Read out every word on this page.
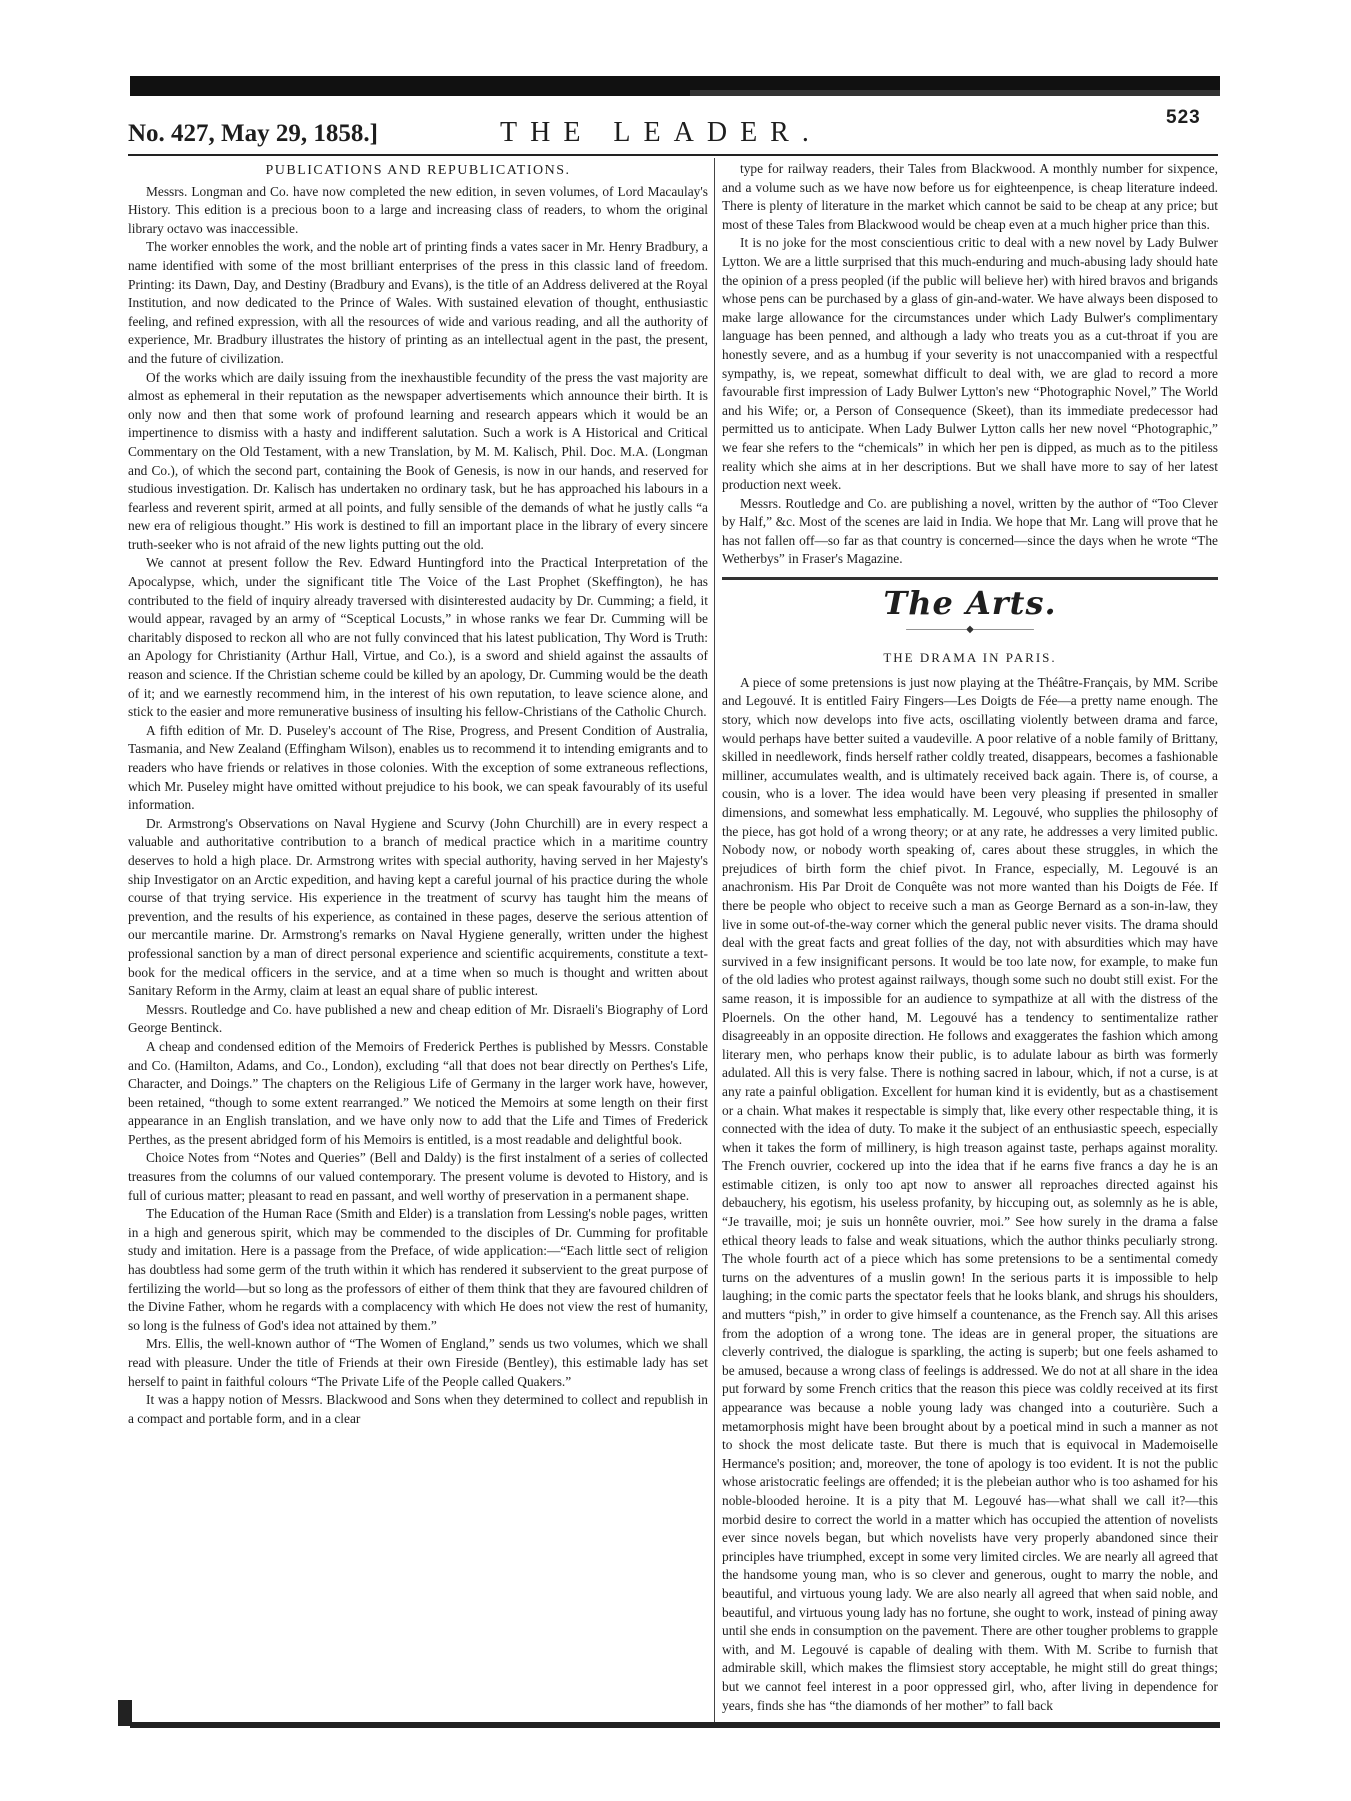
523
No. 427, May 29, 1858.]	THE LEADER.

PUBLICATIONS AND REPUBLICATIONS.

Messrs. Longman and Co. have now completed the new edition, in seven volumes, of Lord Macaulay's History. This edition is a precious boon to a large and increasing class of readers, to whom the original library octavo was inaccessible.

The worker ennobles the work, and the noble art of printing finds a vates sacer in Mr. Henry Bradbury, a name identified with some of the most brilliant enterprises of the press in this classic land of freedom. Printing: its Dawn, Day, and Destiny (Bradbury and Evans), is the title of an Address delivered at the Royal Institution, and now dedicated to the Prince of Wales. With sustained elevation of thought, enthusiastic feeling, and refined expression, with all the resources of wide and various reading, and all the authority of experience, Mr. Bradbury illustrates the history of printing as an intellectual agent in the past, the present, and the future of civilization.

Of the works which are daily issuing from the inexhaustible fecundity of the press the vast majority are almost as ephemeral in their reputation as the newspaper advertisements which announce their birth. It is only now and then that some work of profound learning and research appears which it would be an impertinence to dismiss with a hasty and indifferent salutation. Such a work is A Historical and Critical Commentary on the Old Testament, with a new Translation, by M. M. Kalisch, Phil. Doc. M.A. (Longman and Co.), of which the second part, containing the Book of Genesis, is now in our hands, and reserved for studious investigation. Dr. Kalisch has undertaken no ordinary task, but he has approached his labours in a fearless and reverent spirit, armed at all points, and fully sensible of the demands of what he justly calls “a new era of religious thought.” His work is destined to fill an important place in the library of every sincere truth-seeker who is not afraid of the new lights putting out the old.

We cannot at present follow the Rev. Edward Huntingford into the Practical Interpretation of the Apocalypse, which, under the significant title The Voice of the Last Prophet (Skeffington), he has contributed to the field of inquiry already traversed with disinterested audacity by Dr. Cumming; a field, it would appear, ravaged by an army of “Sceptical Locusts,” in whose ranks we fear Dr. Cumming will be charitably disposed to reckon all who are not fully convinced that his latest publication, Thy Word is Truth: an Apology for Christianity (Arthur Hall, Virtue, and Co.), is a sword and shield against the assaults of reason and science. If the Christian scheme could be killed by an apology, Dr. Cumming would be the death of it; and we earnestly recommend him, in the interest of his own reputation, to leave science alone, and stick to the easier and more remunerative business of insulting his fellow-Christians of the Catholic Church.

A fifth edition of Mr. D. Puseley's account of The Rise, Progress, and Present Condition of Australia, Tasmania, and New Zealand (Effingham Wilson), enables us to recommend it to intending emigrants and to readers who have friends or relatives in those colonies. With the exception of some extraneous reflections, which Mr. Puseley might have omitted without prejudice to his book, we can speak favourably of its useful information.

Dr. Armstrong's Observations on Naval Hygiene and Scurvy (John Churchill) are in every respect a valuable and authoritative contribution to a branch of medical practice which in a maritime country deserves to hold a high place. Dr. Armstrong writes with special authority, having served in her Majesty's ship Investigator on an Arctic expedition, and having kept a careful journal of his practice during the whole course of that trying service. His experience in the treatment of scurvy has taught him the means of prevention, and the results of his experience, as contained in these pages, deserve the serious attention of our mercantile marine. Dr. Armstrong's remarks on Naval Hygiene generally, written under the highest professional sanction by a man of direct personal experience and scientific acquirements, constitute a text-book for the medical officers in the service, and at a time when so much is thought and written about Sanitary Reform in the Army, claim at least an equal share of public interest.

Messrs. Routledge and Co. have published a new and cheap edition of Mr. Disraeli's Biography of Lord George Bentinck.

A cheap and condensed edition of the Memoirs of Frederick Perthes is published by Messrs. Constable and Co. (Hamilton, Adams, and Co., London), excluding “all that does not bear directly on Perthes's Life, Character, and Doings.” The chapters on the Religious Life of Germany in the larger work have, however, been retained, “though to some extent rearranged.” We noticed the Memoirs at some length on their first appearance in an English translation, and we have only now to add that the Life and Times of Frederick Perthes, as the present abridged form of his Memoirs is entitled, is a most readable and delightful book.

Choice Notes from “Notes and Queries” (Bell and Daldy) is the first instalment of a series of collected treasures from the columns of our valued contemporary. The present volume is devoted to History, and is full of curious matter; pleasant to read en passant, and well worthy of preservation in a permanent shape.

The Education of the Human Race (Smith and Elder) is a translation from Lessing's noble pages, written in a high and generous spirit, which may be commended to the disciples of Dr. Cumming for profitable study and imitation. Here is a passage from the Preface, of wide application:—“Each little sect of religion has doubtless had some germ of the truth within it which has rendered it subservient to the great purpose of fertilizing the world—but so long as the professors of either of them think that they are favoured children of the Divine Father, whom he regards with a complacency with which He does not view the rest of humanity, so long is the fulness of God's idea not attained by them.”

Mrs. Ellis, the well-known author of “The Women of England,” sends us two volumes, which we shall read with pleasure. Under the title of Friends at their own Fireside (Bentley), this estimable lady has set herself to paint in faithful colours “The Private Life of the People called Quakers.”

It was a happy notion of Messrs. Blackwood and Sons when they determined to collect and republish in a compact and portable form, and in a clear

type for railway readers, their Tales from Blackwood. A monthly number for sixpence, and a volume such as we have now before us for eighteenpence, is cheap literature indeed. There is plenty of literature in the market which cannot be said to be cheap at any price; but most of these Tales from Blackwood would be cheap even at a much higher price than this.

It is no joke for the most conscientious critic to deal with a new novel by Lady Bulwer Lytton. We are a little surprised that this much-enduring and much-abusing lady should hate the opinion of a press peopled (if the public will believe her) with hired bravos and brigands whose pens can be purchased by a glass of gin-and-water. We have always been disposed to make large allowance for the circumstances under which Lady Bulwer's complimentary language has been penned, and although a lady who treats you as a cut-throat if you are honestly severe, and as a humbug if your severity is not unaccompanied with a respectful sympathy, is, we repeat, somewhat difficult to deal with, we are glad to record a more favourable first impression of Lady Bulwer Lytton's new “Photographic Novel,” The World and his Wife; or, a Person of Consequence (Skeet), than its immediate predecessor had permitted us to anticipate. When Lady Bulwer Lytton calls her new novel “Photographic,” we fear she refers to the “chemicals” in which her pen is dipped, as much as to the pitiless reality which she aims at in her descriptions. But we shall have more to say of her latest production next week.

Messrs. Routledge and Co. are publishing a novel, written by the author of “Too Clever by Half,” &c. Most of the scenes are laid in India. We hope that Mr. Lang will prove that he has not fallen off—so far as that country is concerned—since the days when he wrote “The Wetherbys” in Fraser's Magazine.

The Arts.

——————◆——————

THE DRAMA IN PARIS.

A piece of some pretensions is just now playing at the Théâtre-Français, by MM. Scribe and Legouvé. It is entitled Fairy Fingers—Les Doigts de Fée—a pretty name enough. The story, which now develops into five acts, oscillating violently between drama and farce, would perhaps have better suited a vaudeville. A poor relative of a noble family of Brittany, skilled in needlework, finds herself rather coldly treated, disappears, becomes a fashionable milliner, accumulates wealth, and is ultimately received back again. There is, of course, a cousin, who is a lover. The idea would have been very pleasing if presented in smaller dimensions, and somewhat less emphatically. M. Legouvé, who supplies the philosophy of the piece, has got hold of a wrong theory; or at any rate, he addresses a very limited public. Nobody now, or nobody worth speaking of, cares about these struggles, in which the prejudices of birth form the chief pivot. In France, especially, M. Legouvé is an anachronism. His Par Droit de Conquête was not more wanted than his Doigts de Fée. If there be people who object to receive such a man as George Bernard as a son-in-law, they live in some out-of-the-way corner which the general public never visits. The drama should deal with the great facts and great follies of the day, not with absurdities which may have survived in a few insignificant persons. It would be too late now, for example, to make fun of the old ladies who protest against railways, though some such no doubt still exist. For the same reason, it is impossible for an audience to sympathize at all with the distress of the Ploernels. On the other hand, M. Legouvé has a tendency to sentimentalize rather disagreeably in an opposite direction. He follows and exaggerates the fashion which among literary men, who perhaps know their public, is to adulate labour as birth was formerly adulated. All this is very false. There is nothing sacred in labour, which, if not a curse, is at any rate a painful obligation. Excellent for human kind it is evidently, but as a chastisement or a chain. What makes it respectable is simply that, like every other respectable thing, it is connected with the idea of duty. To make it the subject of an enthusiastic speech, especially when it takes the form of millinery, is high treason against taste, perhaps against morality. The French ouvrier, cockered up into the idea that if he earns five francs a day he is an estimable citizen, is only too apt now to answer all reproaches directed against his debauchery, his egotism, his useless profanity, by hiccuping out, as solemnly as he is able, “Je travaille, moi; je suis un honnête ouvrier, moi.” See how surely in the drama a false ethical theory leads to false and weak situations, which the author thinks peculiarly strong. The whole fourth act of a piece which has some pretensions to be a sentimental comedy turns on the adventures of a muslin gown! In the serious parts it is impossible to help laughing; in the comic parts the spectator feels that he looks blank, and shrugs his shoulders, and mutters “pish,” in order to give himself a countenance, as the French say. All this arises from the adoption of a wrong tone. The ideas are in general proper, the situations are cleverly contrived, the dialogue is sparkling, the acting is superb; but one feels ashamed to be amused, because a wrong class of feelings is addressed. We do not at all share in the idea put forward by some French critics that the reason this piece was coldly received at its first appearance was because a noble young lady was changed into a couturière. Such a metamorphosis might have been brought about by a poetical mind in such a manner as not to shock the most delicate taste. But there is much that is equivocal in Mademoiselle Hermance's position; and, moreover, the tone of apology is too evident. It is not the public whose aristocratic feelings are offended; it is the plebeian author who is too ashamed for his noble-blooded heroine. It is a pity that M. Legouvé has—what shall we call it?—this morbid desire to correct the world in a matter which has occupied the attention of novelists ever since novels began, but which novelists have very properly abandoned since their principles have triumphed, except in some very limited circles. We are nearly all agreed that the handsome young man, who is so clever and generous, ought to marry the noble, and beautiful, and virtuous young lady. We are also nearly all agreed that when said noble, and beautiful, and virtuous young lady has no fortune, she ought to work, instead of pining away until she ends in consumption on the pavement. There are other tougher problems to grapple with, and M. Legouvé is capable of dealing with them. With M. Scribe to furnish that admirable skill, which makes the flimsiest story acceptable, he might still do great things; but we cannot feel interest in a poor oppressed girl, who, after living in dependence for years, finds she has “the diamonds of her mother” to fall back
